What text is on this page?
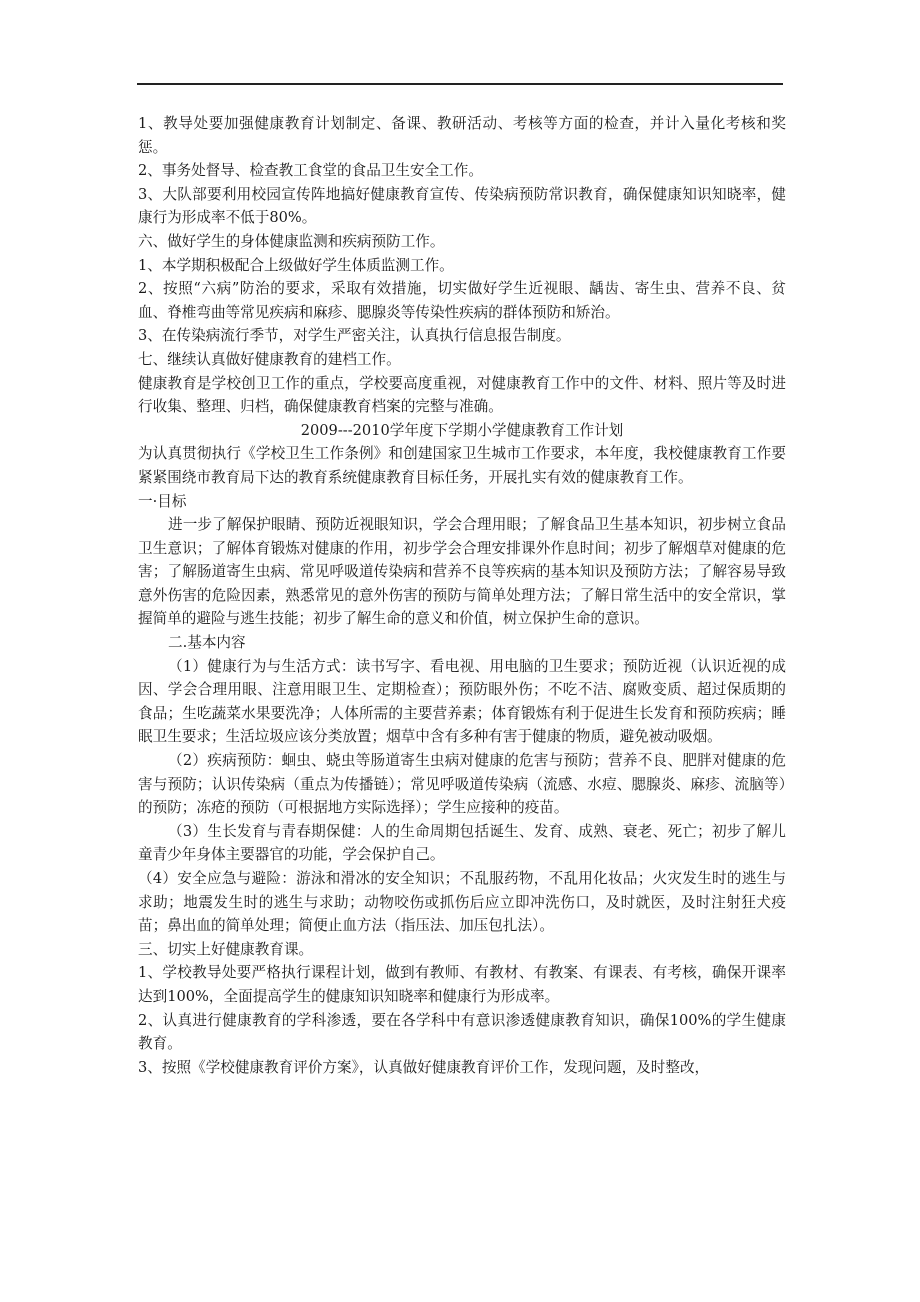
1、教导处要加强健康教育计划制定、备课、教研活动、考核等方面的检查，并计入量化考核和奖惩。

2、事务处督导、检查教工食堂的食品卫生安全工作。

3、大队部要利用校园宣传阵地搞好健康教育宣传、传染病预防常识教育，确保健康知识知晓率，健康行为形成率不低于80%。

六、做好学生的身体健康监测和疾病预防工作。

1、本学期积极配合上级做好学生体质监测工作。

2、按照“六病”防治的要求，采取有效措施，切实做好学生近视眼、龋齿、寄生虫、营养不良、贫血、脊椎弯曲等常见疾病和麻疹、腮腺炎等传染性疾病的群体预防和矫治。

3、在传染病流行季节，对学生严密关注，认真执行信息报告制度。

七、继续认真做好健康教育的建档工作。

健康教育是学校创卫工作的重点，学校要高度重视，对健康教育工作中的文件、材料、照片等及时进行收集、整理、归档，确保健康教育档案的完整与准确。

2009---2010学年度下学期小学健康教育工作计划

为认真贯彻执行《学校卫生工作条例》和创建国家卫生城市工作要求，本年度，我校健康教育工作要紧紧围绕市教育局下达的教育系统健康教育目标任务，开展扎实有效的健康教育工作。

一·目标

进一步了解保护眼睛、预防近视眼知识，学会合理用眼；了解食品卫生基本知识，初步树立食品卫生意识；了解体育锻炼对健康的作用，初步学会合理安排课外作息时间；初步了解烟草对健康的危害；了解肠道寄生虫病、常见呼吸道传染病和营养不良等疾病的基本知识及预防方法；了解容易导致意外伤害的危险因素，熟悉常见的意外伤害的预防与简单处理方法；了解日常生活中的安全常识，掌握简单的避险与逃生技能；初步了解生命的意义和价值，树立保护生命的意识。

二.基本内容

（1）健康行为与生活方式：读书写字、看电视、用电脑的卫生要求；预防近视（认识近视的成因、学会合理用眼、注意用眼卫生、定期检查）；预防眼外伤；不吃不洁、腐败变质、超过保质期的食品；生吃蔬菜水果要洗净；人体所需的主要营养素；体育锻炼有利于促进生长发育和预防疾病；睡眠卫生要求；生活垃圾应该分类放置；烟草中含有多种有害于健康的物质，避免被动吸烟。

（2）疾病预防：蛔虫、蛲虫等肠道寄生虫病对健康的危害与预防；营养不良、肥胖对健康的危害与预防；认识传染病（重点为传播链）；常见呼吸道传染病（流感、水痘、腮腺炎、麻疹、流脑等）的预防；冻疮的预防（可根据地方实际选择）；学生应接种的疫苗。

（3）生长发育与青春期保健：人的生命周期包括诞生、发育、成熟、衰老、死亡；初步了解儿童青少年身体主要器官的功能，学会保护自己。

（4）安全应急与避险：游泳和滑冰的安全知识；不乱服药物，不乱用化妆品；火灾发生时的逃生与求助；地震发生时的逃生与求助；动物咬伤或抓伤后应立即冲洗伤口，及时就医，及时注射狂犬疫苗；鼻出血的简单处理；简便止血方法（指压法、加压包扎法）。

三、切实上好健康教育课。

1、学校教导处要严格执行课程计划，做到有教师、有教材、有教案、有课表、有考核，确保开课率达到100%，全面提高学生的健康知识知晓率和健康行为形成率。

2、认真进行健康教育的学科渗透，要在各学科中有意识渗透健康教育知识，确保100%的学生健康教育。

3、按照《学校健康教育评价方案》，认真做好健康教育评价工作，发现问题，及时整改，
